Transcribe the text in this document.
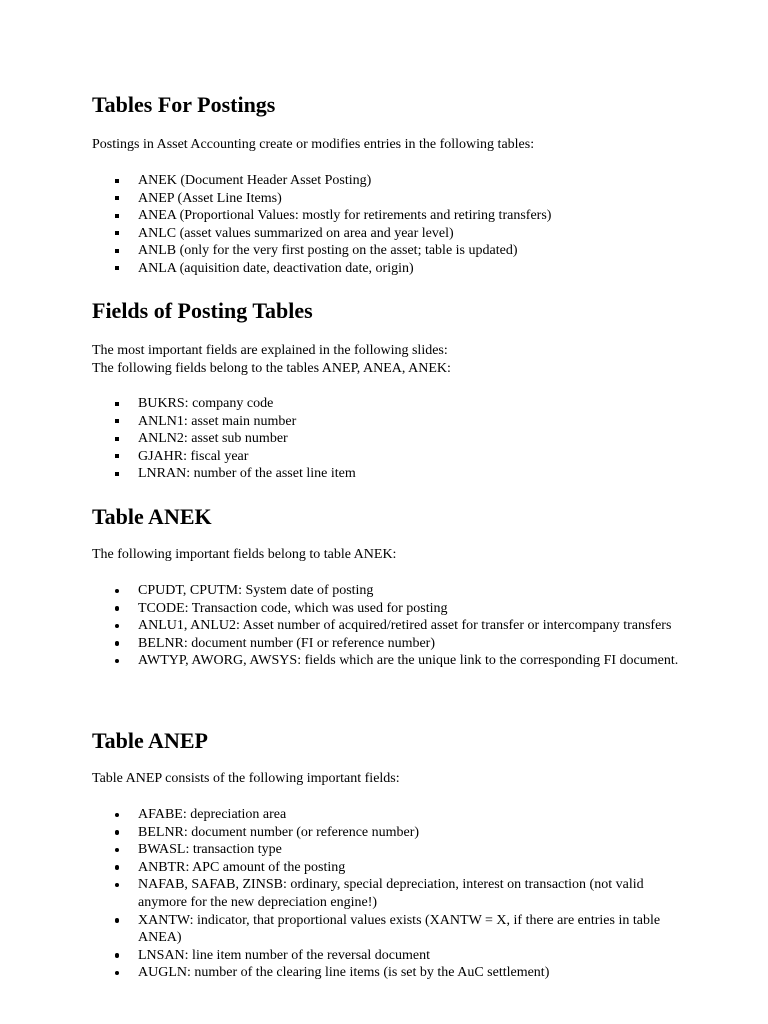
Tables For Postings

Postings in Asset Accounting create or modifies entries in the following tables:

ANEK (Document Header Asset Posting)
ANEP (Asset Line Items)
ANEA (Proportional Values: mostly for retirements and retiring transfers)
ANLC (asset values summarized on area and year level)
ANLB (only for the very first posting on the asset; table is updated)
ANLA (aquisition date, deactivation date, origin)
Fields of Posting Tables

The most important fields are explained in the following slides:

The following fields belong to the tables ANEP, ANEA, ANEK:

BUKRS: company code
ANLN1: asset main number
ANLN2: asset sub number
GJAHR: fiscal year
LNRAN: number of the asset line item
Table ANEK

The following important fields belong to table ANEK:

CPUDT, CPUTM: System date of posting
TCODE: Transaction code, which was used for posting
ANLU1, ANLU2: Asset number of acquired/retired asset for transfer or intercompany transfers
BELNR: document number (FI or reference number)
AWTYP, AWORG, AWSYS: fields which are the unique link to the corresponding FI document.
Table ANEP

Table ANEP consists of the following important fields:

AFABE: depreciation area
BELNR: document number (or reference number)
BWASL: transaction type
ANBTR: APC amount of the posting
NAFAB, SAFAB, ZINSB: ordinary, special depreciation, interest on transaction (not valid anymore for the new depreciation engine!)
XANTW: indicator, that proportional values exists (XANTW = X, if there are entries in table ANEA)
LNSAN: line item number of the reversal document
AUGLN: number of the clearing line items (is set by the AuC settlement)
